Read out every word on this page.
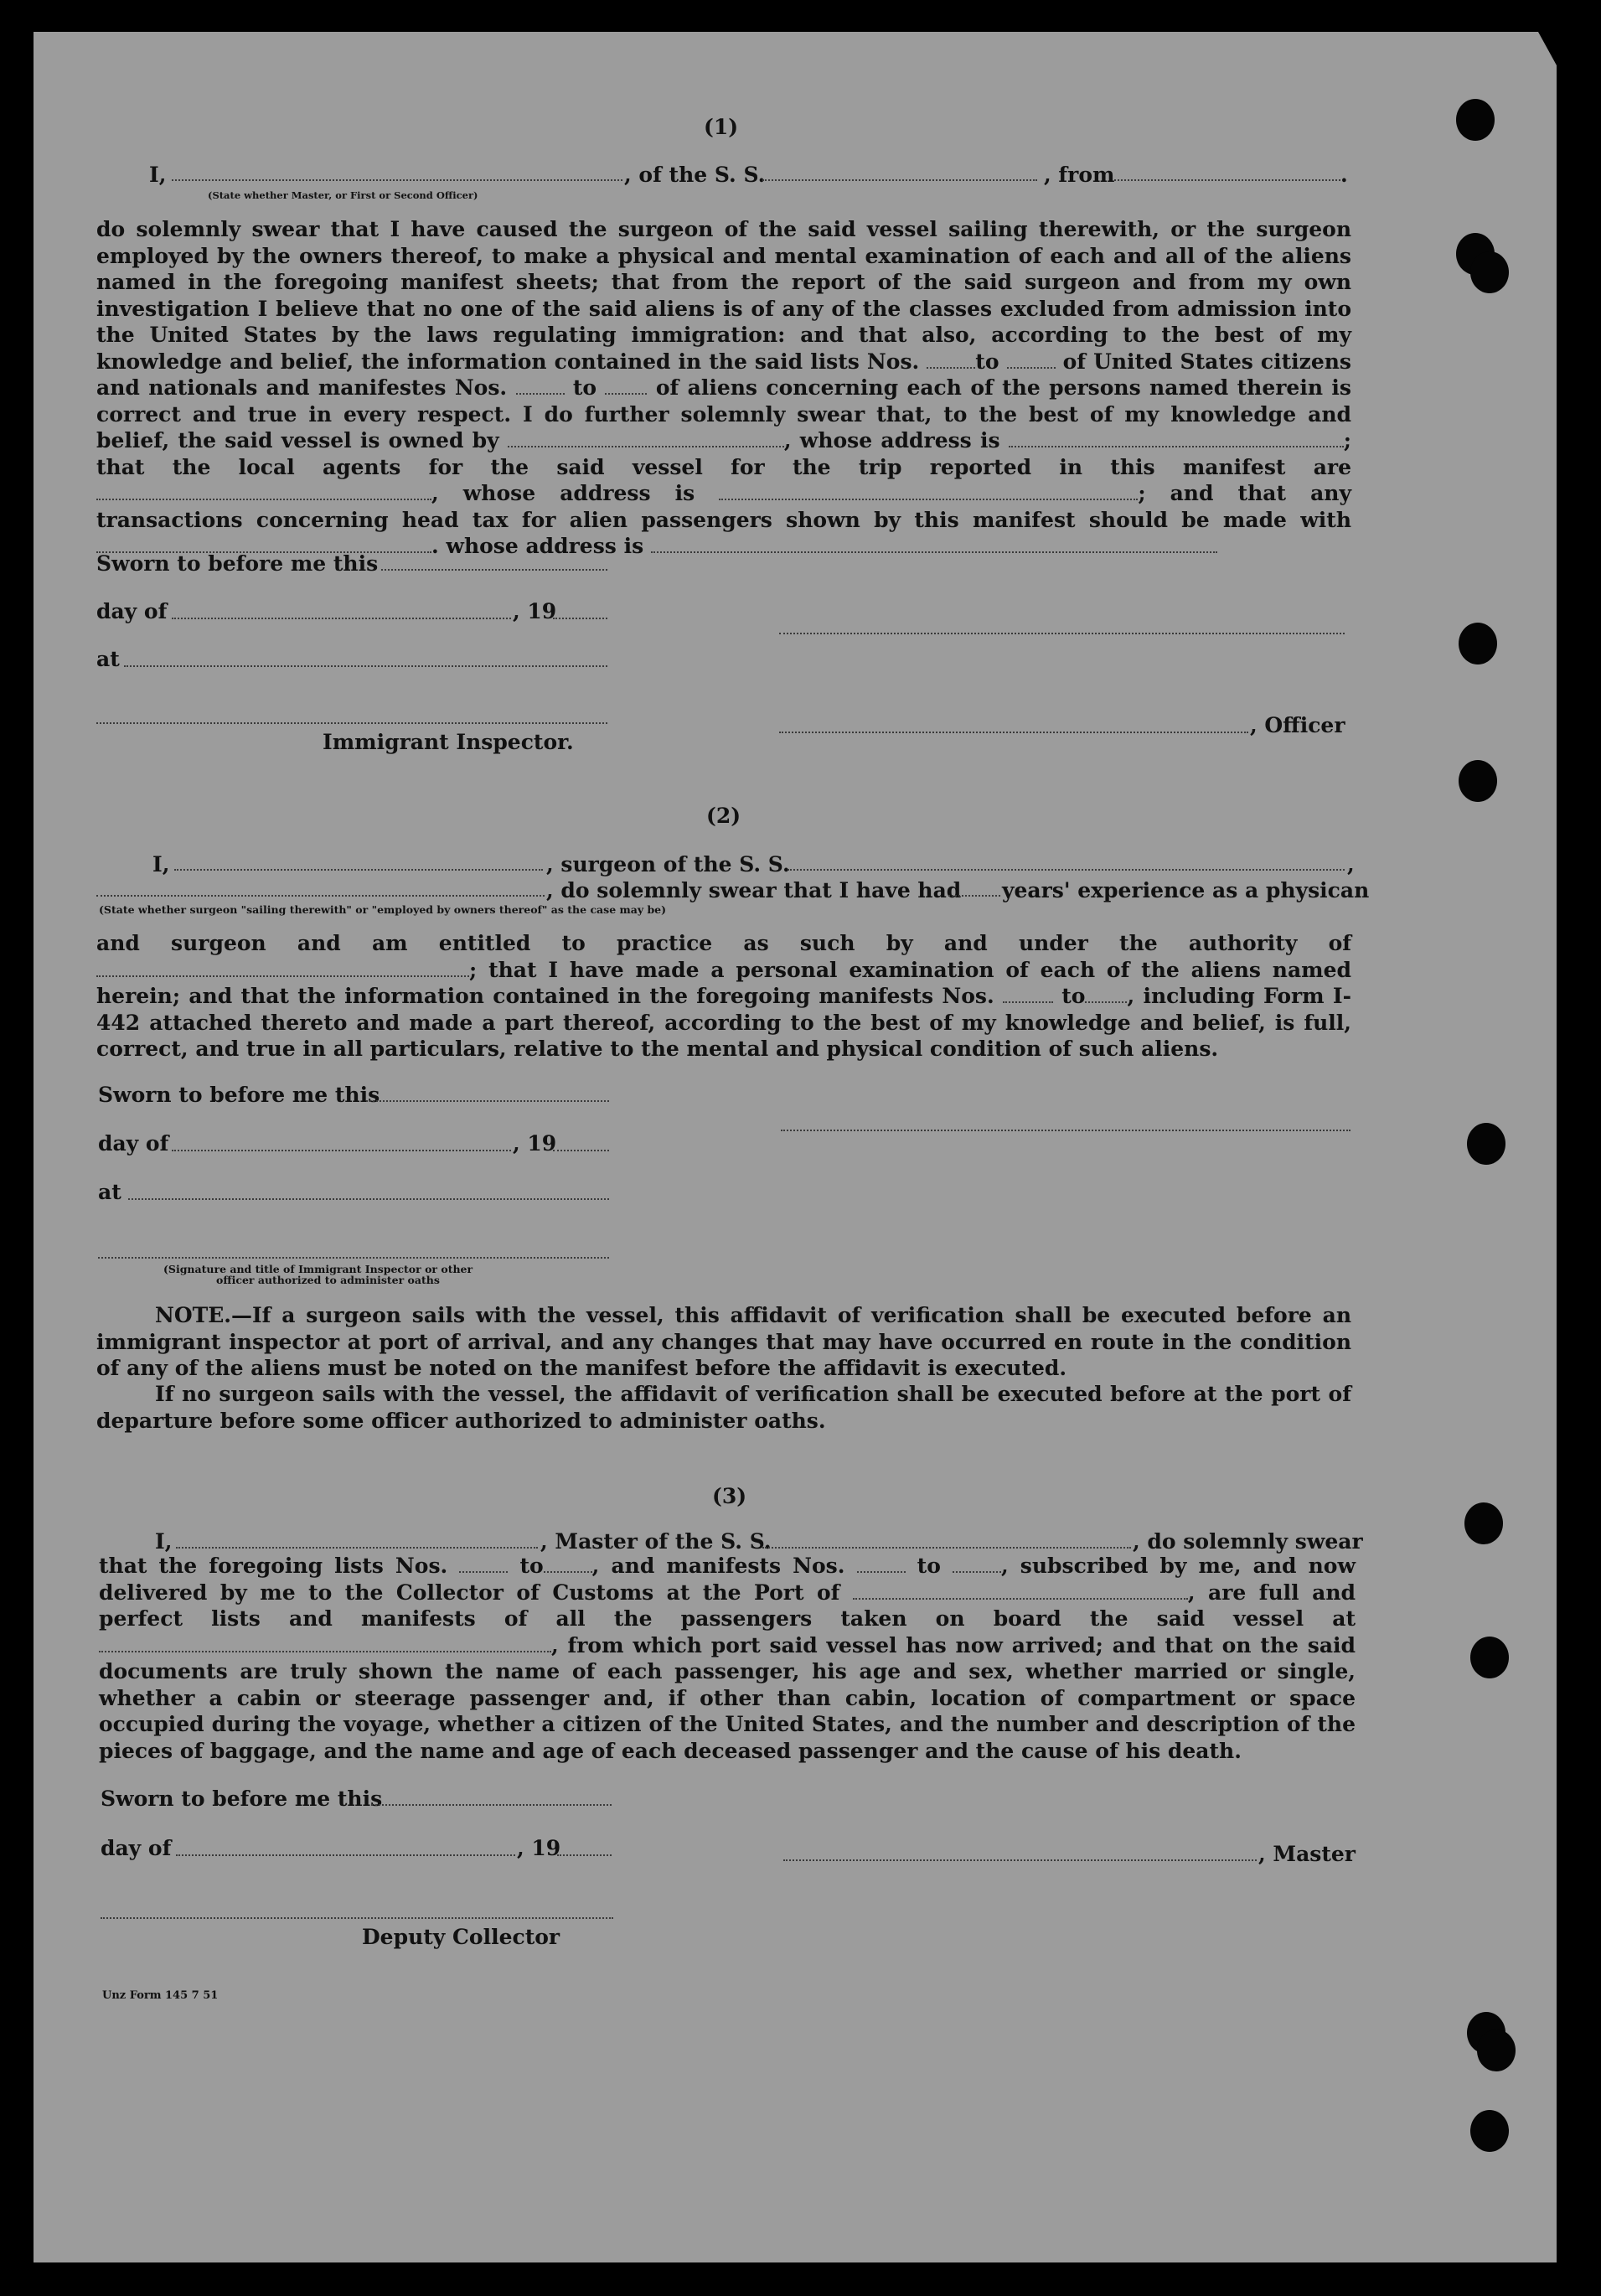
(1)
I,	, of the S. S.	, from	.
(State whether Master, or First or Second Officer)

do solemnly swear that I have caused the surgeon of the said vessel sailing therewith, or the surgeon employed by the owners thereof, to make a physical and mental examination of each and all of the aliens named in the foregoing manifest sheets; that from the report of the said surgeon and from my own investigation I believe that no one of the said aliens is of any of the classes excluded from admission into the United States by the laws regulating immigration: and that also, according to the best of my knowledge and belief, the information contained in the said lists Nos.	to	of United States citizens and nationals and manifestes Nos.	to	of aliens concerning each of the persons named therein is correct and true in every respect. I do further solemnly swear that, to the best of my knowledge and belief, the said vessel is owned by	, whose address is	; that the local agents for the said vessel for the trip reported in this manifest are , whose address is	; and that any transactions concerning head tax for alien passengers shown by this manifest should be made with . whose address is

Sworn to before me this
day of	, 19
at
, Officer
Immigrant Inspector.
(2)
I,	, surgeon of the S. S.	,
, do solemnly swear that I have had years' experience as a physican
(State whether surgeon "sailing therewith" or "employed by owners thereof" as the case may be)

and surgeon and am entitled to practice as such by and under the authority of ; that I have made a personal examination of each of the aliens named herein; and that the information contained in the foregoing manifests Nos.	to , including Form I-442 attached thereto and made a part thereof, according to the best of my knowledge and belief, is full, correct, and true in all particulars, relative to the mental and physical condition of such aliens.

Sworn to before me this
day of	, 19
at
(Signature and title of Immigrant Inspector or other
officer authorized to administer oaths

NOTE.—If a surgeon sails with the vessel, this affidavit of verification shall be executed before an immigrant inspector at port of arrival, and any changes that may have occurred en route in the condition of any of the aliens must be noted on the manifest before the affidavit is executed.

If no surgeon sails with the vessel, the affidavit of verification shall be executed before at the port of departure before some officer authorized to administer oaths.

(3)
I,	, Master of the S. S.	, do solemnly swear

that the foregoing lists Nos.	to , and manifests Nos.	to	, subscribed by me, and now delivered by me to the Collector of Customs at the Port of	, are full and perfect lists and manifests of all the passengers taken on board the said vessel at , from which port said vessel has now arrived; and that on the said documents are truly shown the name of each passenger, his age and sex, whether married or single, whether a cabin or steerage passenger and, if other than cabin, location of compartment or space occupied during the voyage, whether a citizen of the United States, and the number and description of the pieces of baggage, and the name and age of each deceased passenger and the cause of his death.

Sworn to before me this
day of	, 19	, Master
Deputy Collector
Unz Form 145 7 51
